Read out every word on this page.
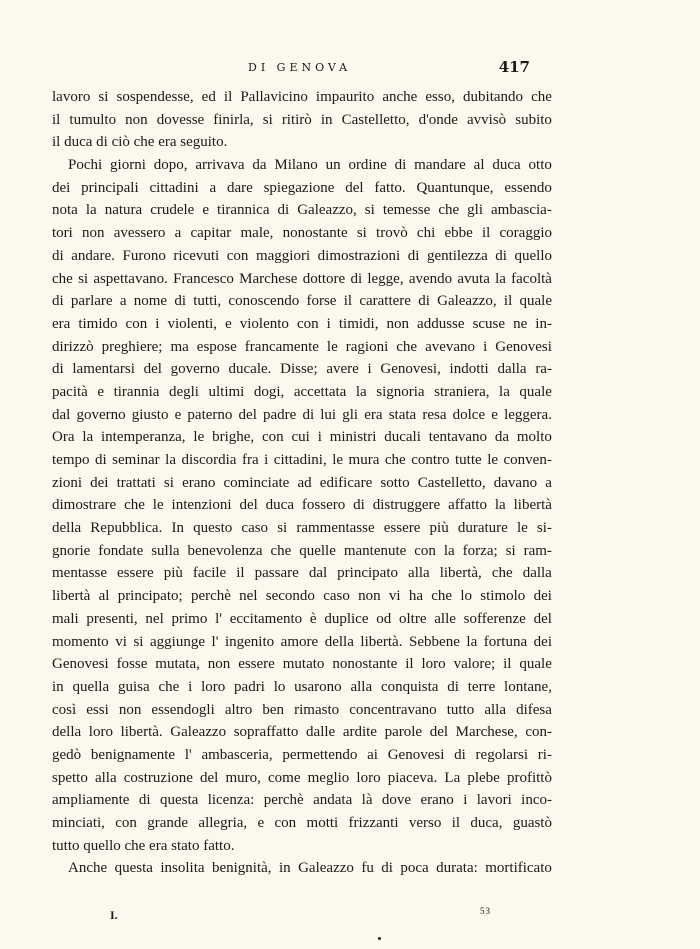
DI GENOVA	417
lavoro si sospendesse, ed il Pallavicino impaurito anche esso, dubitando che
il tumulto non dovesse finirla, si ritirò in Castelletto, d'onde avvisò subito
il duca di ciò che era seguito.
Pochi giorni dopo, arrivava da Milano un ordine di mandare al duca otto
dei principali cittadini a dare spiegazione del fatto. Quantunque, essendo
nota la natura crudele e tirannica di Galeazzo, si temesse che gli ambascia-
tori non avessero a capitar male, nonostante si trovò chi ebbe il coraggio
di andare. Furono ricevuti con maggiori dimostrazioni di gentilezza di quello
che si aspettavano. Francesco Marchese dottore di legge, avendo avuta la facoltà
di parlare a nome di tutti, conoscendo forse il carattere di Galeazzo, il quale
era timido con i violenti, e violento con i timidi, non addusse scuse ne in-
dirizzò preghiere; ma espose francamente le ragioni che avevano i Genovesi
di lamentarsi del governo ducale. Disse; avere i Genovesi, indotti dalla ra-
pacità e tirannia degli ultimi dogi, accettata la signoria straniera, la quale
dal governo giusto e paterno del padre di lui gli era stata resa dolce e leggera.
Ora la intemperanza, le brighe, con cui i ministri ducali tentavano da molto
tempo di seminar la discordia fra i cittadini, le mura che contro tutte le conven-
zioni dei trattati si erano cominciate ad edificare sotto Castelletto, davano a
dimostrare che le intenzioni del duca fossero di distruggere affatto la libertà
della Repubblica. In questo caso si rammentasse essere più durature le si-
gnorie fondate sulla benevolenza che quelle mantenute con la forza; si ram-
mentasse essere più facile il passare dal principato alla libertà, che dalla
libertà al principato; perchè nel secondo caso non vi ha che lo stimolo dei
mali presenti, nel primo l' eccitamento è duplice od oltre alle sofferenze del
momento vi si aggiunge l' ingenito amore della libertà. Sebbene la fortuna dei
Genovesi fosse mutata, non essere mutato nonostante il loro valore; il quale
in quella guisa che i loro padri lo usarono alla conquista di terre lontane,
così essi non essendogli altro ben rimasto concentravano tutto alla difesa
della loro libertà. Galeazzo sopraffatto dalle ardite parole del Marchese, con-
gedò benignamente l' ambasceria, permettendo ai Genovesi di regolarsi ri-
spetto alla costruzione del muro, come meglio loro piaceva. La plebe profittò
ampliamente di questa licenza: perchè andata là dove erano i lavori inco-
minciati, con grande allegria, e con motti frizzanti verso il duca, guastò
tutto quello che era stato fatto.
Anche questa insolita benignità, in Galeazzo fu di poca durata: mortificato
I.	53
